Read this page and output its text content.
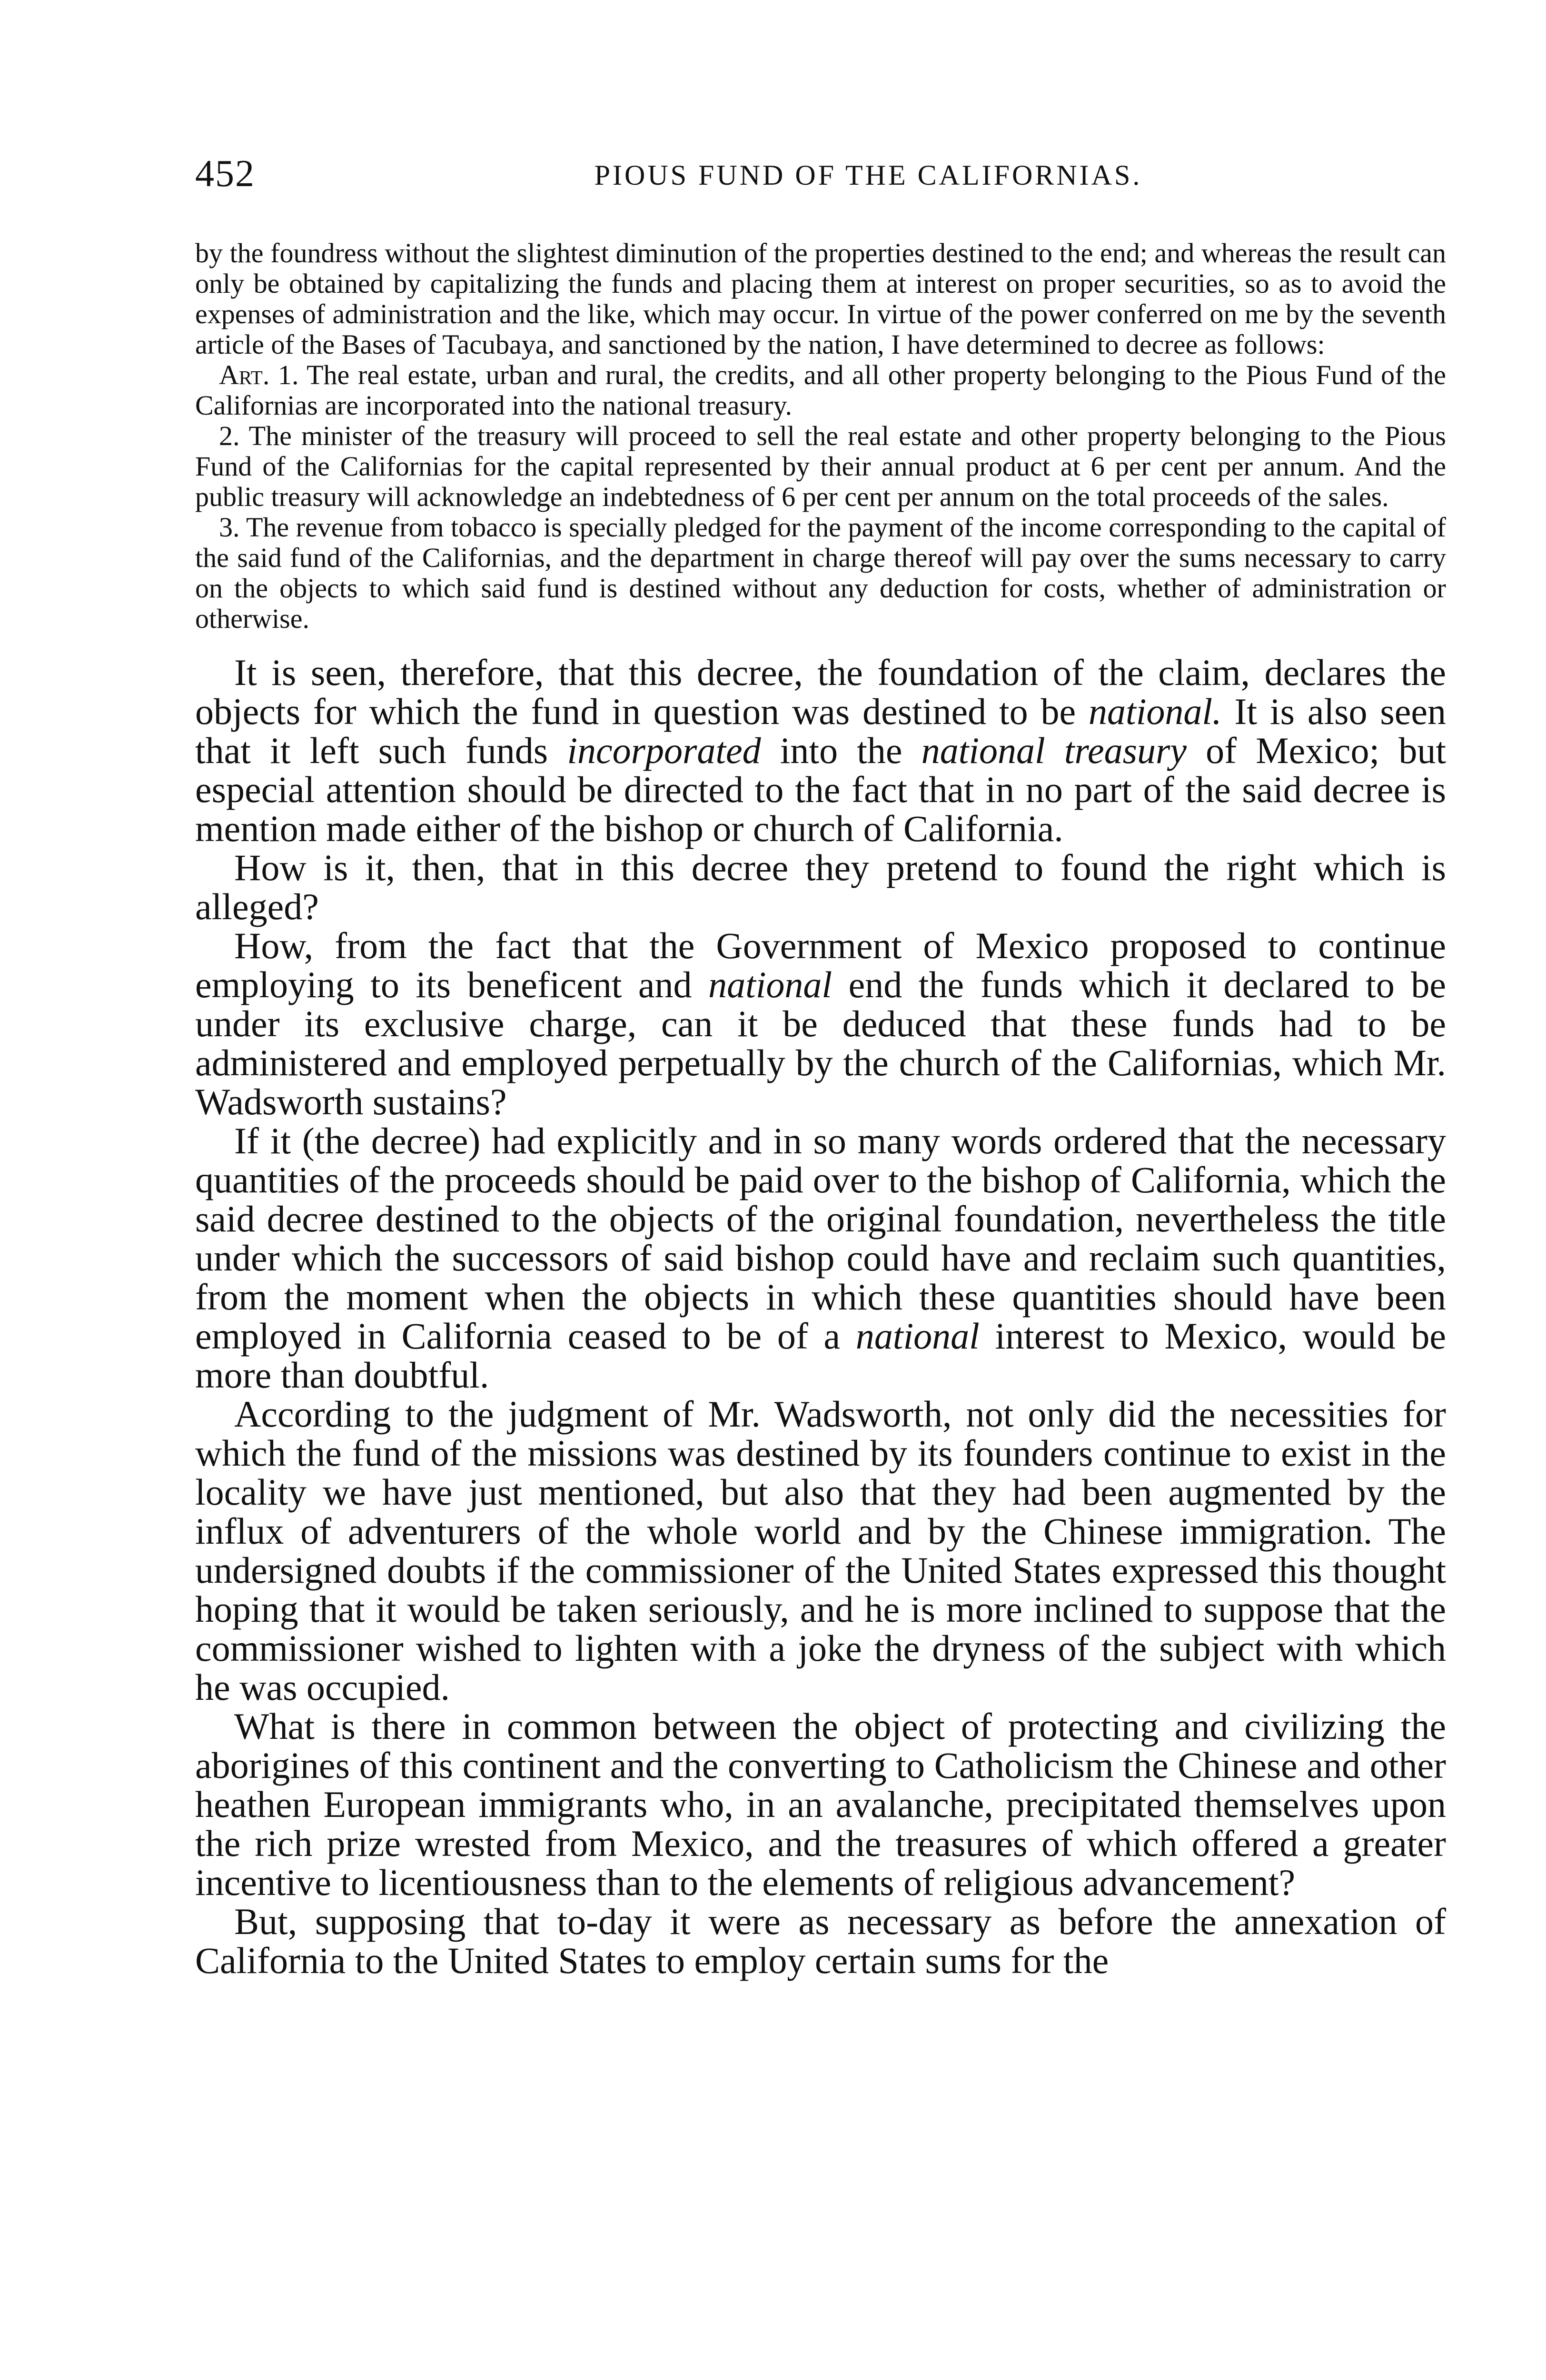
452	PIOUS FUND OF THE CALIFORNIAS.

by the foundress without the slightest diminution of the properties destined to the end; and whereas the result can only be obtained by capitalizing the funds and placing them at interest on proper securities, so as to avoid the expenses of administration and the like, which may occur. In virtue of the power conferred on me by the seventh article of the Bases of Tacubaya, and sanctioned by the nation, I have determined to decree as follows:

Art. 1. The real estate, urban and rural, the credits, and all other property belonging to the Pious Fund of the Californias are incorporated into the national treasury.

2. The minister of the treasury will proceed to sell the real estate and other property belonging to the Pious Fund of the Californias for the capital represented by their annual product at 6 per cent per annum. And the public treasury will acknowledge an indebtedness of 6 per cent per annum on the total proceeds of the sales.

3. The revenue from tobacco is specially pledged for the payment of the income corresponding to the capital of the said fund of the Californias, and the department in charge thereof will pay over the sums necessary to carry on the objects to which said fund is destined without any deduction for costs, whether of administration or otherwise.

It is seen, therefore, that this decree, the foundation of the claim, declares the objects for which the fund in question was destined to be national. It is also seen that it left such funds incorporated into the national treasury of Mexico; but especial attention should be directed to the fact that in no part of the said decree is mention made either of the bishop or church of California.

How is it, then, that in this decree they pretend to found the right which is alleged?

How, from the fact that the Government of Mexico proposed to continue employing to its beneficent and national end the funds which it declared to be under its exclusive charge, can it be deduced that these funds had to be administered and employed perpetually by the church of the Californias, which Mr. Wadsworth sustains?

If it (the decree) had explicitly and in so many words ordered that the necessary quantities of the proceeds should be paid over to the bishop of California, which the said decree destined to the objects of the original foundation, nevertheless the title under which the successors of said bishop could have and reclaim such quantities, from the moment when the objects in which these quantities should have been employed in California ceased to be of a national interest to Mexico, would be more than doubtful.

According to the judgment of Mr. Wadsworth, not only did the necessities for which the fund of the missions was destined by its founders continue to exist in the locality we have just mentioned, but also that they had been augmented by the influx of adventurers of the whole world and by the Chinese immigration. The undersigned doubts if the commissioner of the United States expressed this thought hoping that it would be taken seriously, and he is more inclined to suppose that the commissioner wished to lighten with a joke the dryness of the subject with which he was occupied.

What is there in common between the object of protecting and civilizing the aborigines of this continent and the converting to Catholicism the Chinese and other heathen European immigrants who, in an avalanche, precipitated themselves upon the rich prize wrested from Mexico, and the treasures of which offered a greater incentive to licentiousness than to the elements of religious advancement?

But, supposing that to-day it were as necessary as before the annexation of California to the United States to employ certain sums for the
